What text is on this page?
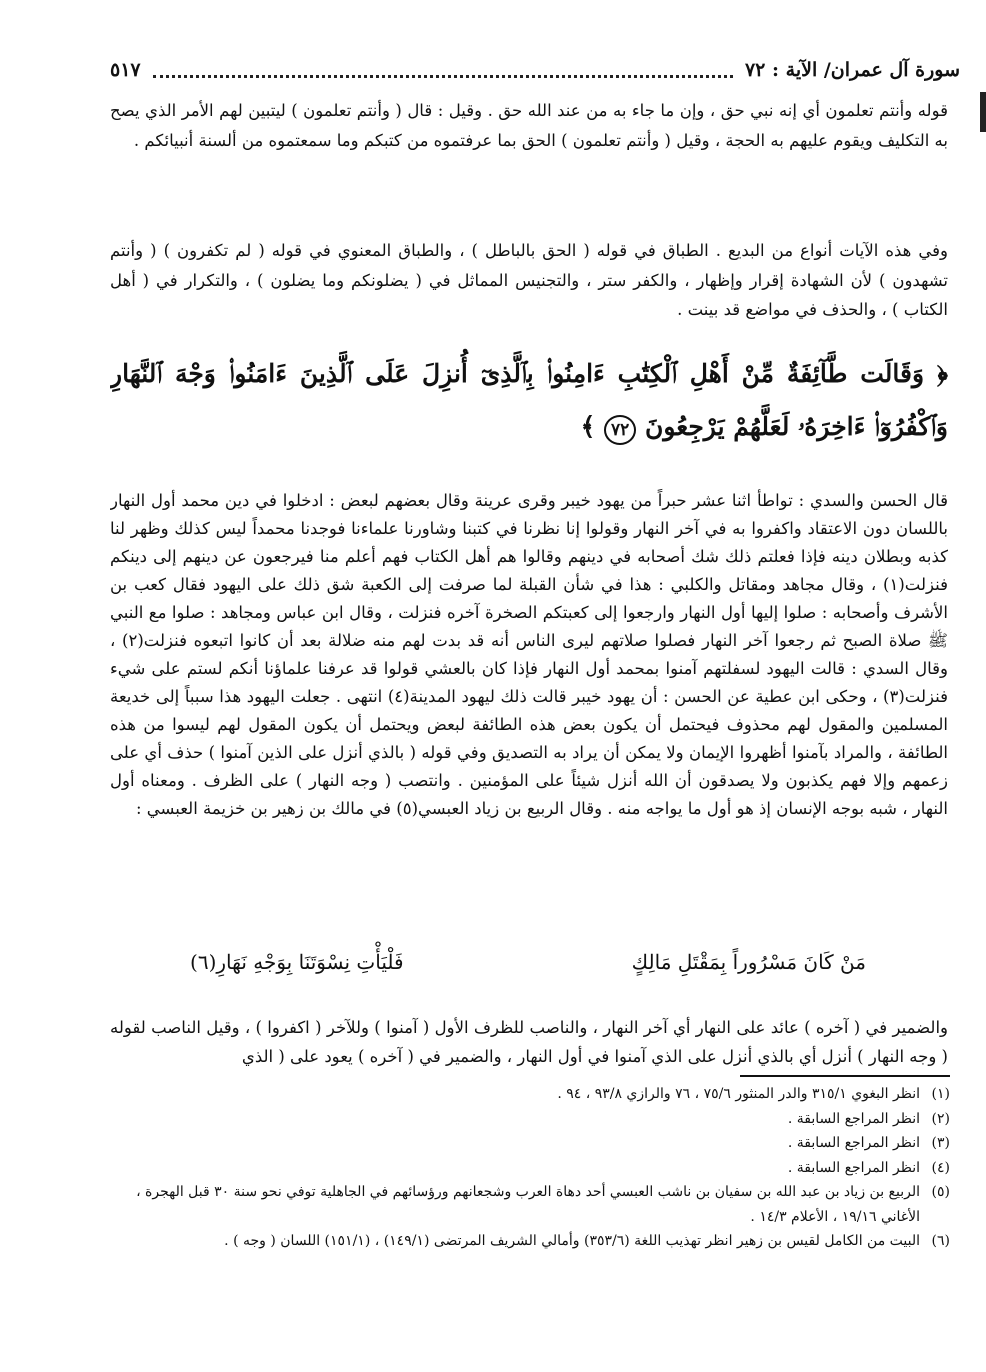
سورة آل عمران/ الآية : ٧٢
٥١٧

قوله وأنتم تعلمون أي إنه نبي حق ، وإن ما جاء به من عند الله حق . وقيل : قال ( وأنتم تعلمون ) ليتبين لهم الأمر الذي يصح به التكليف ويقوم عليهم به الحجة ، وقيل ( وأنتم تعلمون ) الحق بما عرفتموه من كتبكم وما سمعتموه من ألسنة أنبيائكم .

وفي هذه الآيات أنواع من البديع . الطباق في قوله ( الحق بالباطل ) ، والطباق المعنوي في قوله ( لم تكفرون ) ( وأنتم تشهدون ) لأن الشهادة إقرار وإظهار ، والكفر ستر ، والتجنيس المماثل في ( يضلونكم وما يضلون ) ، والتكرار في ( أهل الكتاب ) ، والحذف في مواضع قد بينت .

﴿ وَقَالَت طَّآئِفَةٌ مِّنْ أَهْلِ ٱلْكِتَٰبِ ءَامِنُوا۟ بِٱلَّذِىٓ أُنزِلَ عَلَى ٱلَّذِينَ ءَامَنُوا۟ وَجْهَ ٱلنَّهَارِ وَٱكْفُرُوٓا۟ ءَاخِرَهُۥ لَعَلَّهُمْ يَرْجِعُونَ ٧٢ ﴾

قال الحسن والسدي : تواطأ اثنا عشر حبراً من يهود خيبر وقرى عرينة وقال بعضهم لبعض : ادخلوا في دين محمد أول النهار باللسان دون الاعتقاد واكفروا به في آخر النهار وقولوا إنا نظرنا في كتبنا وشاورنا علماءنا فوجدنا محمداً ليس كذلك وظهر لنا كذبه وبطلان دينه فإذا فعلتم ذلك شك أصحابه في دينهم وقالوا هم أهل الكتاب فهم أعلم منا فيرجعون عن دينهم إلى دينكم فنزلت(١) ، وقال مجاهد ومقاتل والكلبي : هذا في شأن القبلة لما صرفت إلى الكعبة شق ذلك على اليهود فقال كعب بن الأشرف وأصحابه : صلوا إليها أول النهار وارجعوا إلى كعبتكم الصخرة آخره فنزلت ، وقال ابن عباس ومجاهد : صلوا مع النبي ﷺ صلاة الصبح ثم رجعوا آخر النهار فصلوا صلاتهم ليرى الناس أنه قد بدت لهم منه ضلالة بعد أن كانوا اتبعوه فنزلت(٢) ، وقال السدي : قالت اليهود لسفلتهم آمنوا بمحمد أول النهار فإذا كان بالعشي قولوا قد عرفنا علماؤنا أنكم لستم على شيء فنزلت(٣) ، وحكى ابن عطية عن الحسن : أن يهود خيبر قالت ذلك ليهود المدينة(٤) انتهى . جعلت اليهود هذا سبباً إلى خديعة المسلمين والمقول لهم محذوف فيحتمل أن يكون بعض هذه الطائفة لبعض ويحتمل أن يكون المقول لهم ليسوا من هذه الطائفة ، والمراد بآمنوا أظهروا الإيمان ولا يمكن أن يراد به التصديق وفي قوله ( بالذي أنزل على الذين آمنوا ) حذف أي على زعمهم وإلا فهم يكذبون ولا يصدقون أن الله أنزل شيئاً على المؤمنين . وانتصب ( وجه النهار ) على الظرف . ومعناه أول النهار ، شبه بوجه الإنسان إذ هو أول ما يواجه منه . وقال الربيع بن زياد العبسي(٥) في مالك بن زهير بن خزيمة العبسي :

مَنْ كَانَ مَسْرُوراً بِمَقْتَلِ مَالِكٍ
فَلْيَأْتِ نِسْوَتَنَا بِوَجْهِ نَهَارِ(٦)

والضمير في ( آخره ) عائد على النهار أي آخر النهار ، والناصب للظرف الأول ( آمنوا ) وللآخر ( اكفروا ) ، وقيل الناصب لقوله ( وجه النهار ) أنزل أي بالذي أنزل على الذي آمنوا في أول النهار ، والضمير في ( آخره ) يعود على ( الذي

(١)
انظر البغوي ٣١٥/١ والدر المنثور ٧٥/٦ ، ٧٦ والرازي ٩٣/٨ ، ٩٤ .
(٢)
انظر المراجع السابقة .
(٣)
انظر المراجع السابقة .
(٤)
انظر المراجع السابقة .
(٥)
الربيع بن زياد بن عبد الله بن سفيان بن ناشب العبسي أحد دهاة العرب وشجعانهم ورؤسائهم في الجاهلية توفي نحو سنة ٣٠ قبل الهجرة ، الأغاني ١٩/١٦ ، الأعلام ١٤/٣ .
(٦)
البيت من الكامل لقيس بن زهير انظر تهذيب اللغة (٣٥٣/٦) وأمالي الشريف المرتضى (١٤٩/١) ، (١٥١/١) اللسان ( وجه ) .
